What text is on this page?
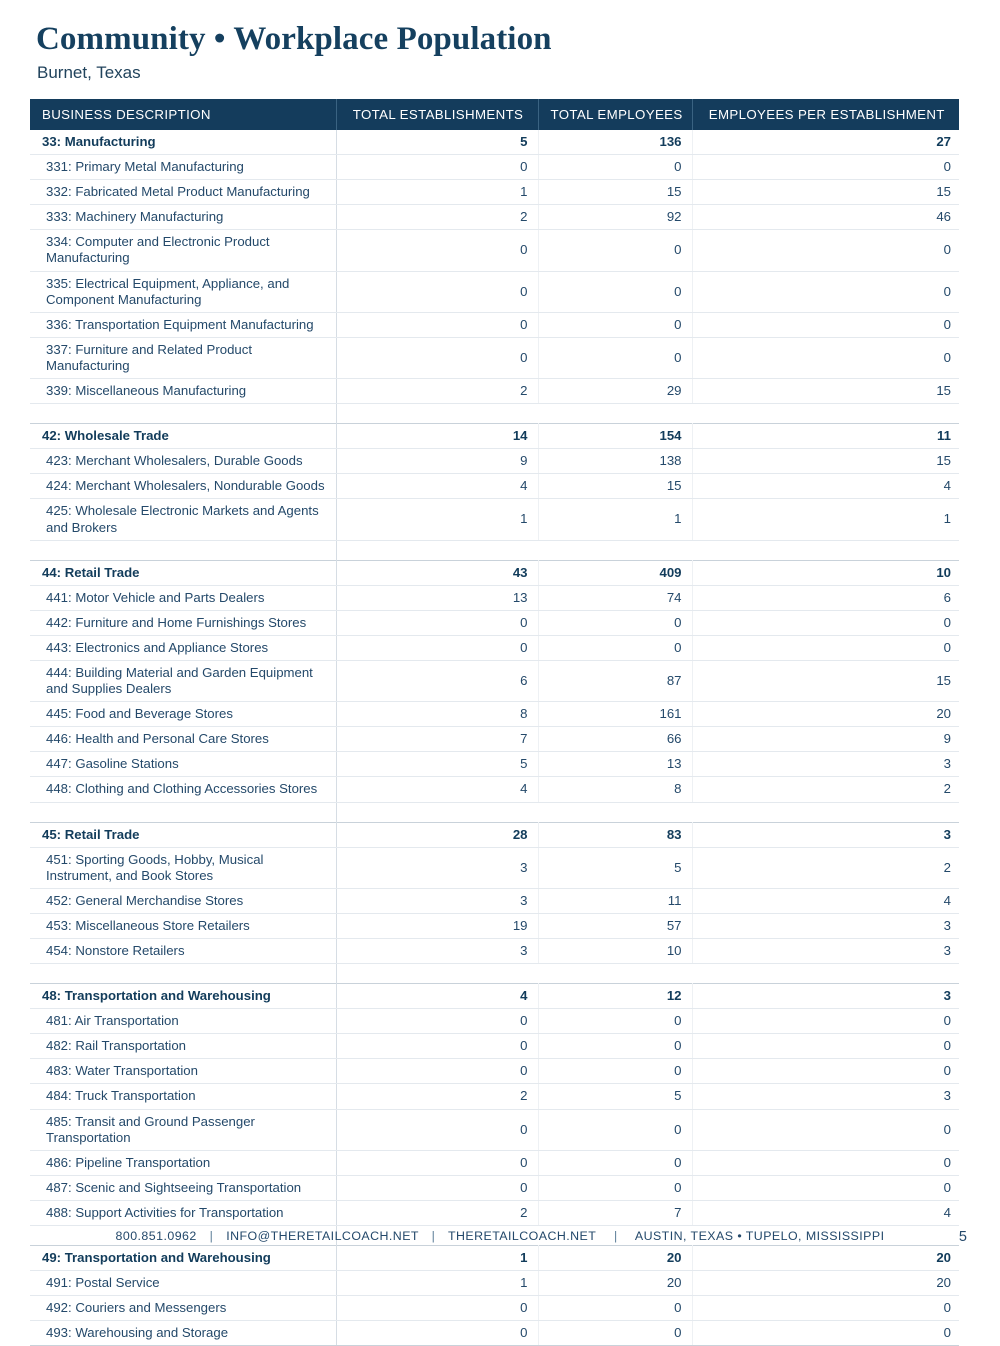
Community • Workplace Population
Burnet, Texas
BUSINESS DESCRIPTION	TOTAL ESTABLISHMENTS	TOTAL EMPLOYEES	EMPLOYEES PER ESTABLISHMENT
33: Manufacturing	5	136	27
331: Primary Metal Manufacturing	0	0	0
332: Fabricated Metal Product Manufacturing	1	15	15
333: Machinery Manufacturing	2	92	46
334: Computer and Electronic Product Manufacturing	0	0	0
335: Electrical Equipment, Appliance, and Component Manufacturing	0	0	0
336: Transportation Equipment Manufacturing	0	0	0
337: Furniture and Related Product Manufacturing	0	0	0
339: Miscellaneous Manufacturing	2	29	15

42: Wholesale Trade	14	154	11
423: Merchant Wholesalers, Durable Goods	9	138	15
424: Merchant Wholesalers, Nondurable Goods	4	15	4
425: Wholesale Electronic Markets and Agents and Brokers	1	1	1

44: Retail Trade	43	409	10
441: Motor Vehicle and Parts Dealers	13	74	6
442: Furniture and Home Furnishings Stores	0	0	0
443: Electronics and Appliance Stores	0	0	0
444: Building Material and Garden Equipment and Supplies Dealers	6	87	15
445: Food and Beverage Stores	8	161	20
446: Health and Personal Care Stores	7	66	9
447: Gasoline Stations	5	13	3
448: Clothing and Clothing Accessories Stores	4	8	2

45: Retail Trade	28	83	3
451: Sporting Goods, Hobby, Musical Instrument, and Book Stores	3	5	2
452: General Merchandise Stores	3	11	4
453: Miscellaneous Store Retailers	19	57	3
454: Nonstore Retailers	3	10	3

48: Transportation and Warehousing	4	12	3
481: Air Transportation	0	0	0
482: Rail Transportation	0	0	0
483: Water Transportation	0	0	0
484: Truck Transportation	2	5	3
485: Transit and Ground Passenger Transportation	0	0	0
486: Pipeline Transportation	0	0	0
487: Scenic and Sightseeing Transportation	0	0	0
488: Support Activities for Transportation	2	7	4

49: Transportation and Warehousing	1	20	20
491: Postal Service	1	20	20
492: Couriers and Messengers	0	0	0
493: Warehousing and Storage	0	0	0
800.851.0962 | INFO@THERETAILCOACH.NET | THERETAILCOACH.NET | AUSTIN, TEXAS • TUPELO, MISSISSIPPI	5
